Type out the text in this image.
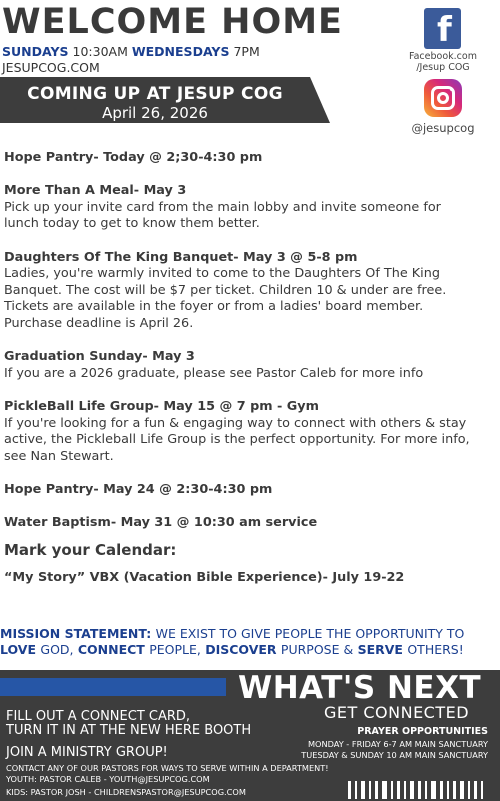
WELCOME HOME
SUNDAYS 10:30AM WEDNESDAYS 7PM
JESUPCOG.COM
COMING UP AT JESUP COG
April 26, 2026
f
Facebook.com
/Jesup COG
@jesupcog

Hope Pantry- Today @ 2;30-4:30 pm

More Than A Meal- May 3

Pick up your invite card from the main lobby and invite someone for

lunch today to get to know them better.

Daughters Of The King Banquet- May 3 @ 5-8 pm

Ladies, you're warmly invited to come to the Daughters Of The King

Banquet. The cost will be $7 per ticket. Children 10 & under are free.

Tickets are available in the foyer or from a ladies' board member.

Purchase deadline is April 26.

Graduation Sunday- May 3

If you are a 2026 graduate, please see Pastor Caleb for more info

PickleBall Life Group- May 15 @ 7 pm - Gym

If you're looking for a fun & engaging way to connect with others & stay

active, the Pickleball Life Group is the perfect opportunity. For more info,

see Nan Stewart.

Hope Pantry- May 24 @ 2:30-4:30 pm

Water Baptism- May 31 @ 10:30 am service

Mark your Calendar:

“My Story” VBX (Vacation Bible Experience)- July 19-22

MISSION STATEMENT: WE EXIST TO GIVE PEOPLE THE OPPORTUNITY TO
LOVE GOD, CONNECT PEOPLE, DISCOVER PURPOSE & SERVE OTHERS!
WHAT'S NEXT
GET CONNECTED
FILL OUT A CONNECT CARD,
TURN IT IN AT THE NEW HERE BOOTH	PRAYER OPPORTUNITIES
MONDAY - FRIDAY 6-7 AM MAIN SANCTUARY
TUESDAY & SUNDAY 10 AM MAIN SANCTUARY
JOIN A MINISTRY GROUP!
CONTACT ANY OF OUR PASTORS FOR WAYS TO SERVE WITHIN A DEPARTMENT!
YOUTH: PASTOR CALEB - YOUTH@JESUPCOG.COM
KIDS: PASTOR JOSH - CHILDRENSPASTOR@JESUPCOG.COM
